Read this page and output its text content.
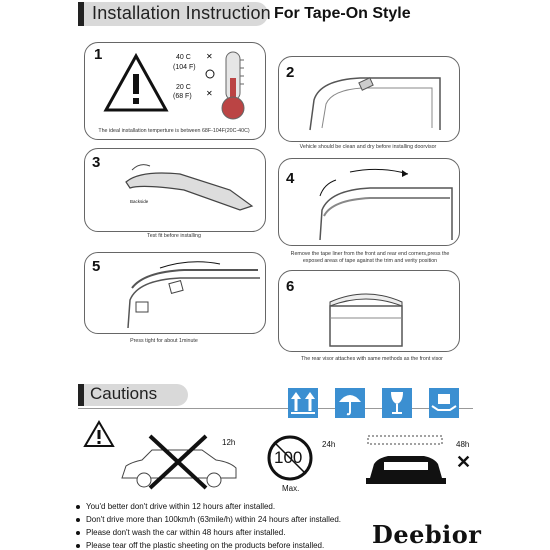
Installation Instruction For Tape-On Style
1	40 C
(104 F)
20 C
(68 F)
✕
✕
The ideal installation temperture is between 68F-104F(20C-40C)
2
Vehicle should be clean and dry before installing doorvisor
3
Backside
Test fit before installing
4
Remove the tape liner from the front and rear end corners,press the
exposed areas of tape against the trim and verity position
5
Press tight for about 1minute
6
The rear visor attaches with same methods as the front visor
Cautions
12h
100
Max.
24h	48h
✕
You'd better don't drive within 12 hours after installed.
Don't drive more than 100km/h (63mile/h) within 24 hours after installed.
Please don't wash the car within 48 hours after installed.
Please tear off the plastic sheeting on the products before installed. Deebior
